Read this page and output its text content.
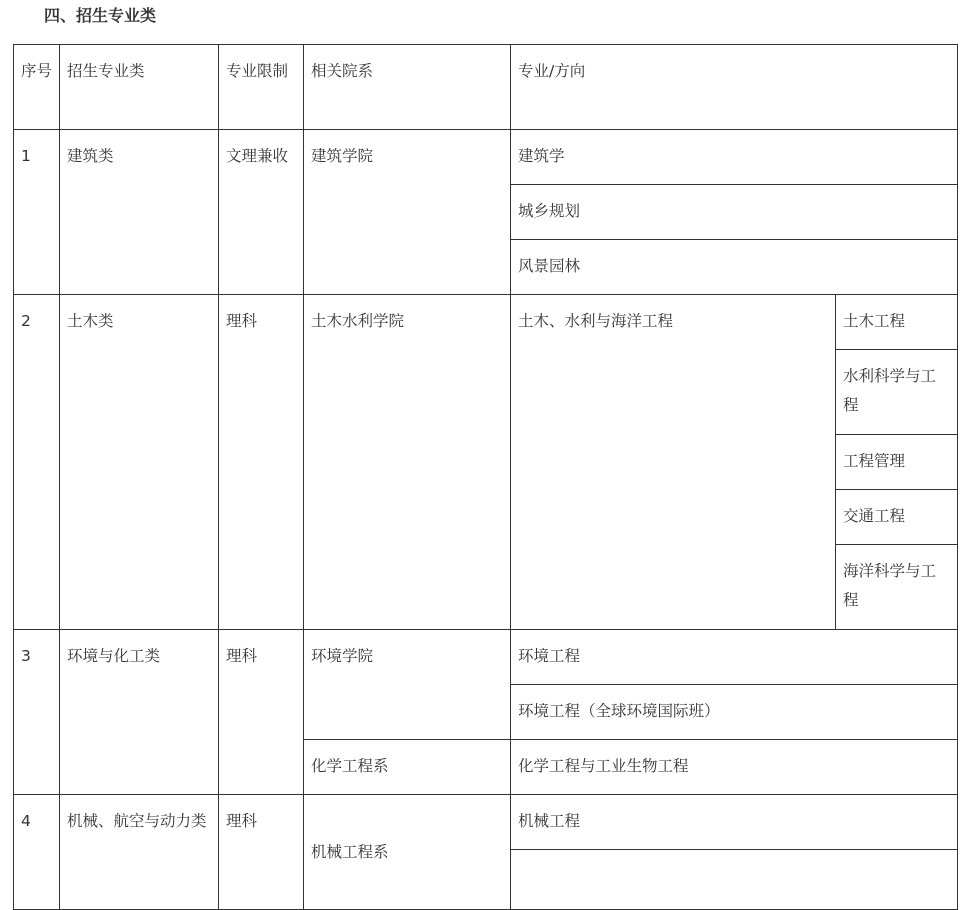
四、招生专业类
序号	招生专业类	专业限制	相关院系	专业/方向	
1	建筑类	文理兼收	建筑学院	建筑学	
				城乡规划	
				风景园林	
2	土木类	理科	土木水利学院	土木、水利与海洋工程	土木工程
					水利科学与工程
					工程管理
					交通工程
					海洋科学与工程
3	环境与化工类	理科	环境学院	环境工程	
				环境工程（全球环境国际班）	
			化学工程系	化学工程与工业生物工程	
4	机械、航空与动力类	理科	机械工程系	机械工程	
